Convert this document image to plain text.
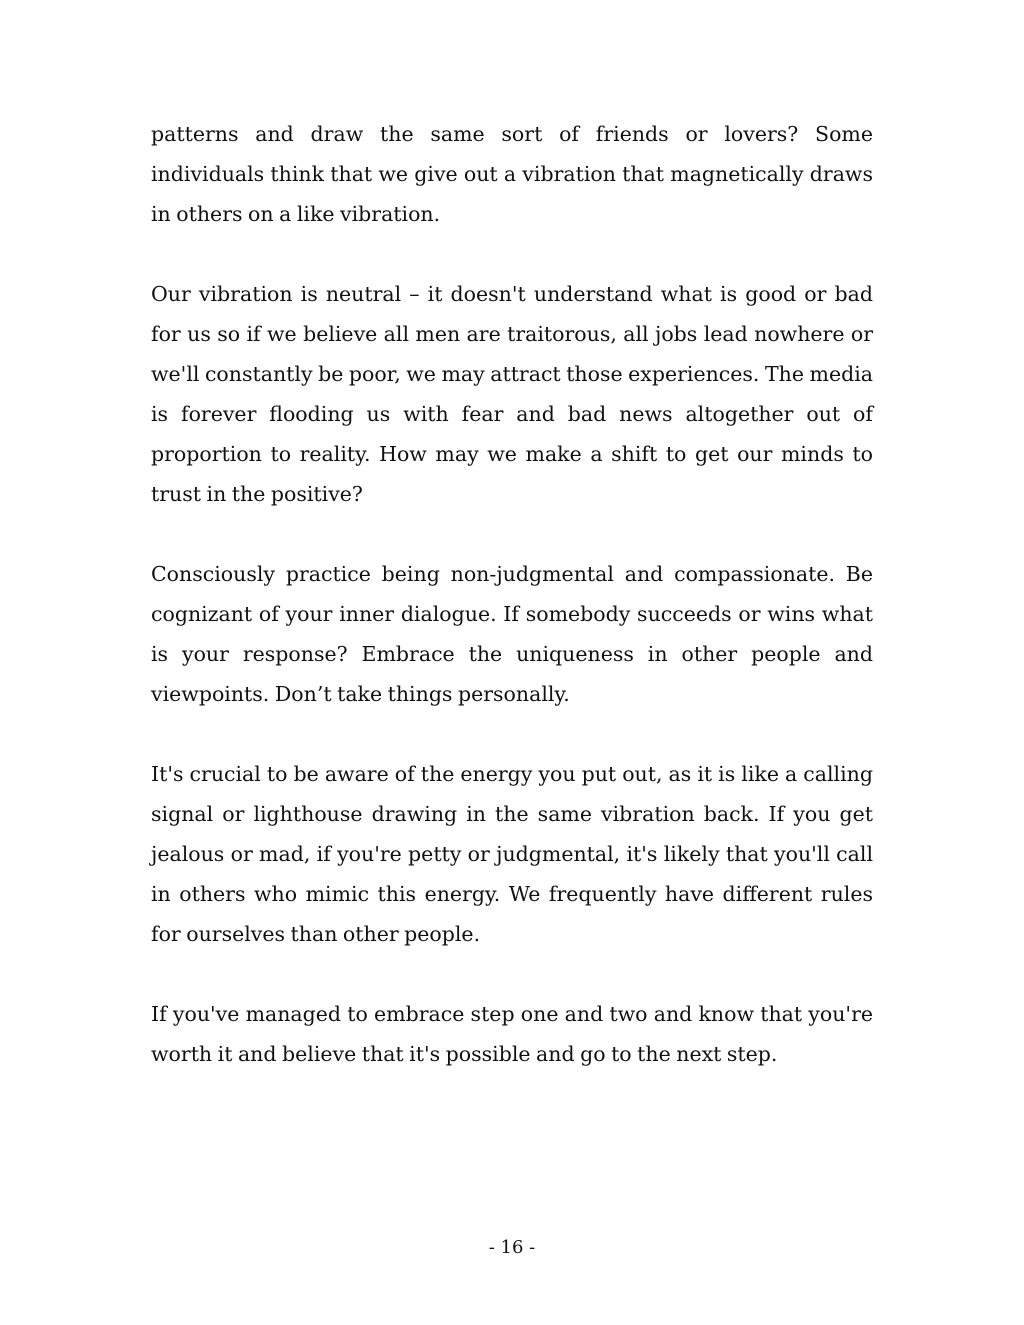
patterns and draw the same sort of friends or lovers? Some individuals think that we give out a vibration that magnetically draws in others on a like vibration.

Our vibration is neutral – it doesn't understand what is good or bad for us so if we believe all men are traitorous, all jobs lead nowhere or we'll constantly be poor, we may attract those experiences. The media is forever flooding us with fear and bad news altogether out of proportion to reality. How may we make a shift to get our minds to trust in the positive?

Consciously practice being non-judgmental and compassionate. Be cognizant of your inner dialogue. If somebody succeeds or wins what is your response? Embrace the uniqueness in other people and viewpoints. Don’t take things personally.

It's crucial to be aware of the energy you put out, as it is like a calling signal or lighthouse drawing in the same vibration back. If you get jealous or mad, if you're petty or judgmental, it's likely that you'll call in others who mimic this energy. We frequently have different rules for ourselves than other people.

If you've managed to embrace step one and two and know that you're worth it and believe that it's possible and go to the next step.

- 16 -
